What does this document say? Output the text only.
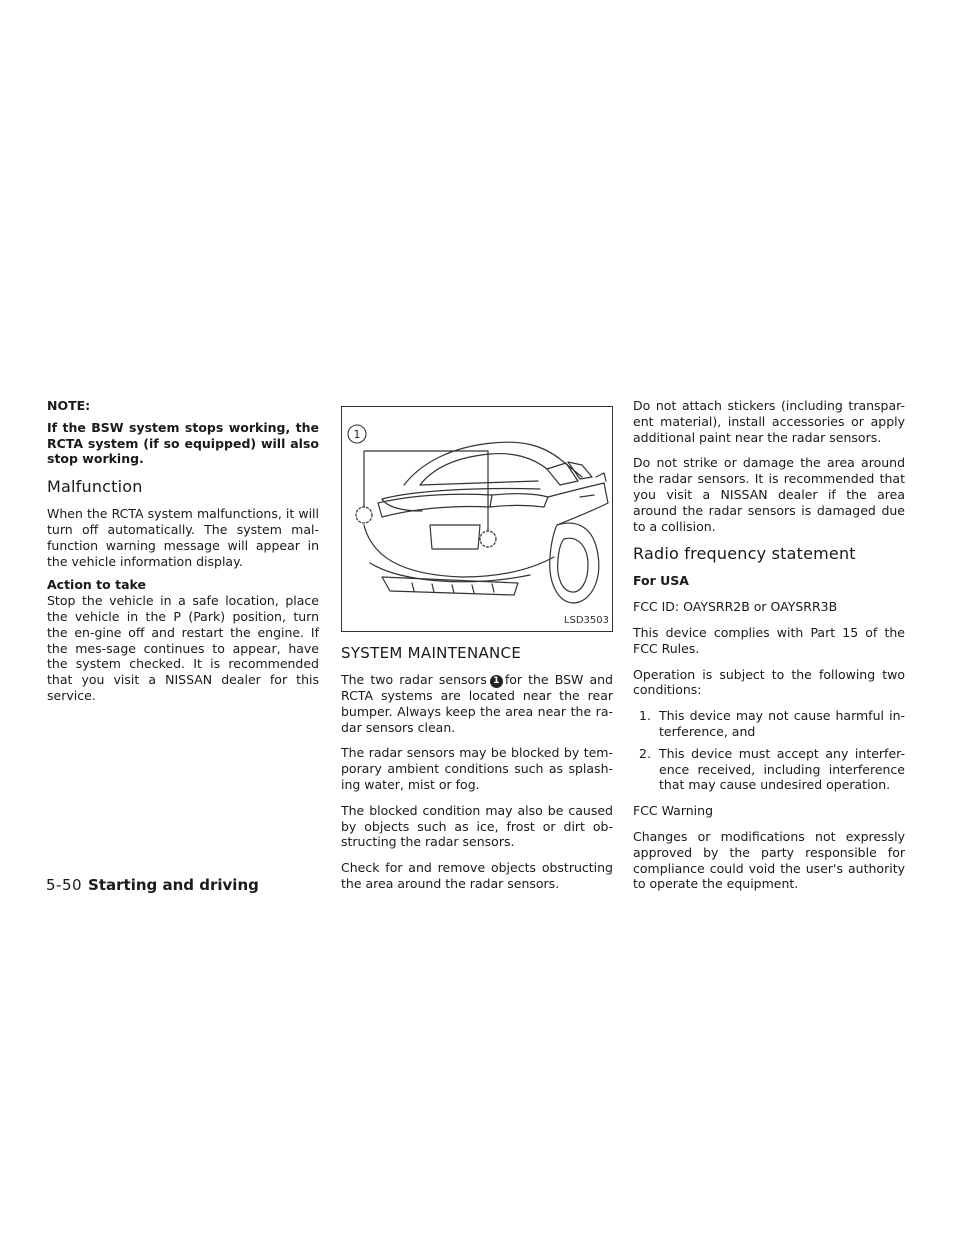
NOTE:

If the BSW system stops working, the RCTA system (if so equipped) will also stop working.

Malfunction

When the RCTA system malfunctions, it will turn off automatically. The system mal-function warning message will appear in the vehicle information display.

Action to take

Stop the vehicle in a safe location, place the vehicle in the P (Park) position, turn the en-gine off and restart the engine. If the mes-sage continues to appear, have the system checked. It is recommended that you visit a NISSAN dealer for this service.

1
LSD3503
SYSTEM MAINTENANCE

The two radar sensors 1 for the BSW and RCTA systems are located near the rear bumper. Always keep the area near the ra-dar sensors clean.

The radar sensors may be blocked by tem-porary ambient conditions such as splash-ing water, mist or fog.

The blocked condition may also be caused by objects such as ice, frost or dirt ob-structing the radar sensors.

Check for and remove objects obstructing the area around the radar sensors.

Do not attach stickers (including transpar-ent material), install accessories or apply additional paint near the radar sensors.

Do not strike or damage the area around the radar sensors. It is recommended that you visit a NISSAN dealer if the area around the radar sensors is damaged due to a collision.

Radio frequency statement

For USA

FCC ID: OAYSRR2B or OAYSRR3B

This device complies with Part 15 of the FCC Rules.

Operation is subject to the following two conditions:

1. This device may not cause harmful in-terference, and
2. This device must accept any interfer-ence received, including interference that may cause undesired operation.

FCC Warning

Changes or modifications not expressly approved by the party responsible for compliance could void the user's authority to operate the equipment.

5-50 Starting and driving
